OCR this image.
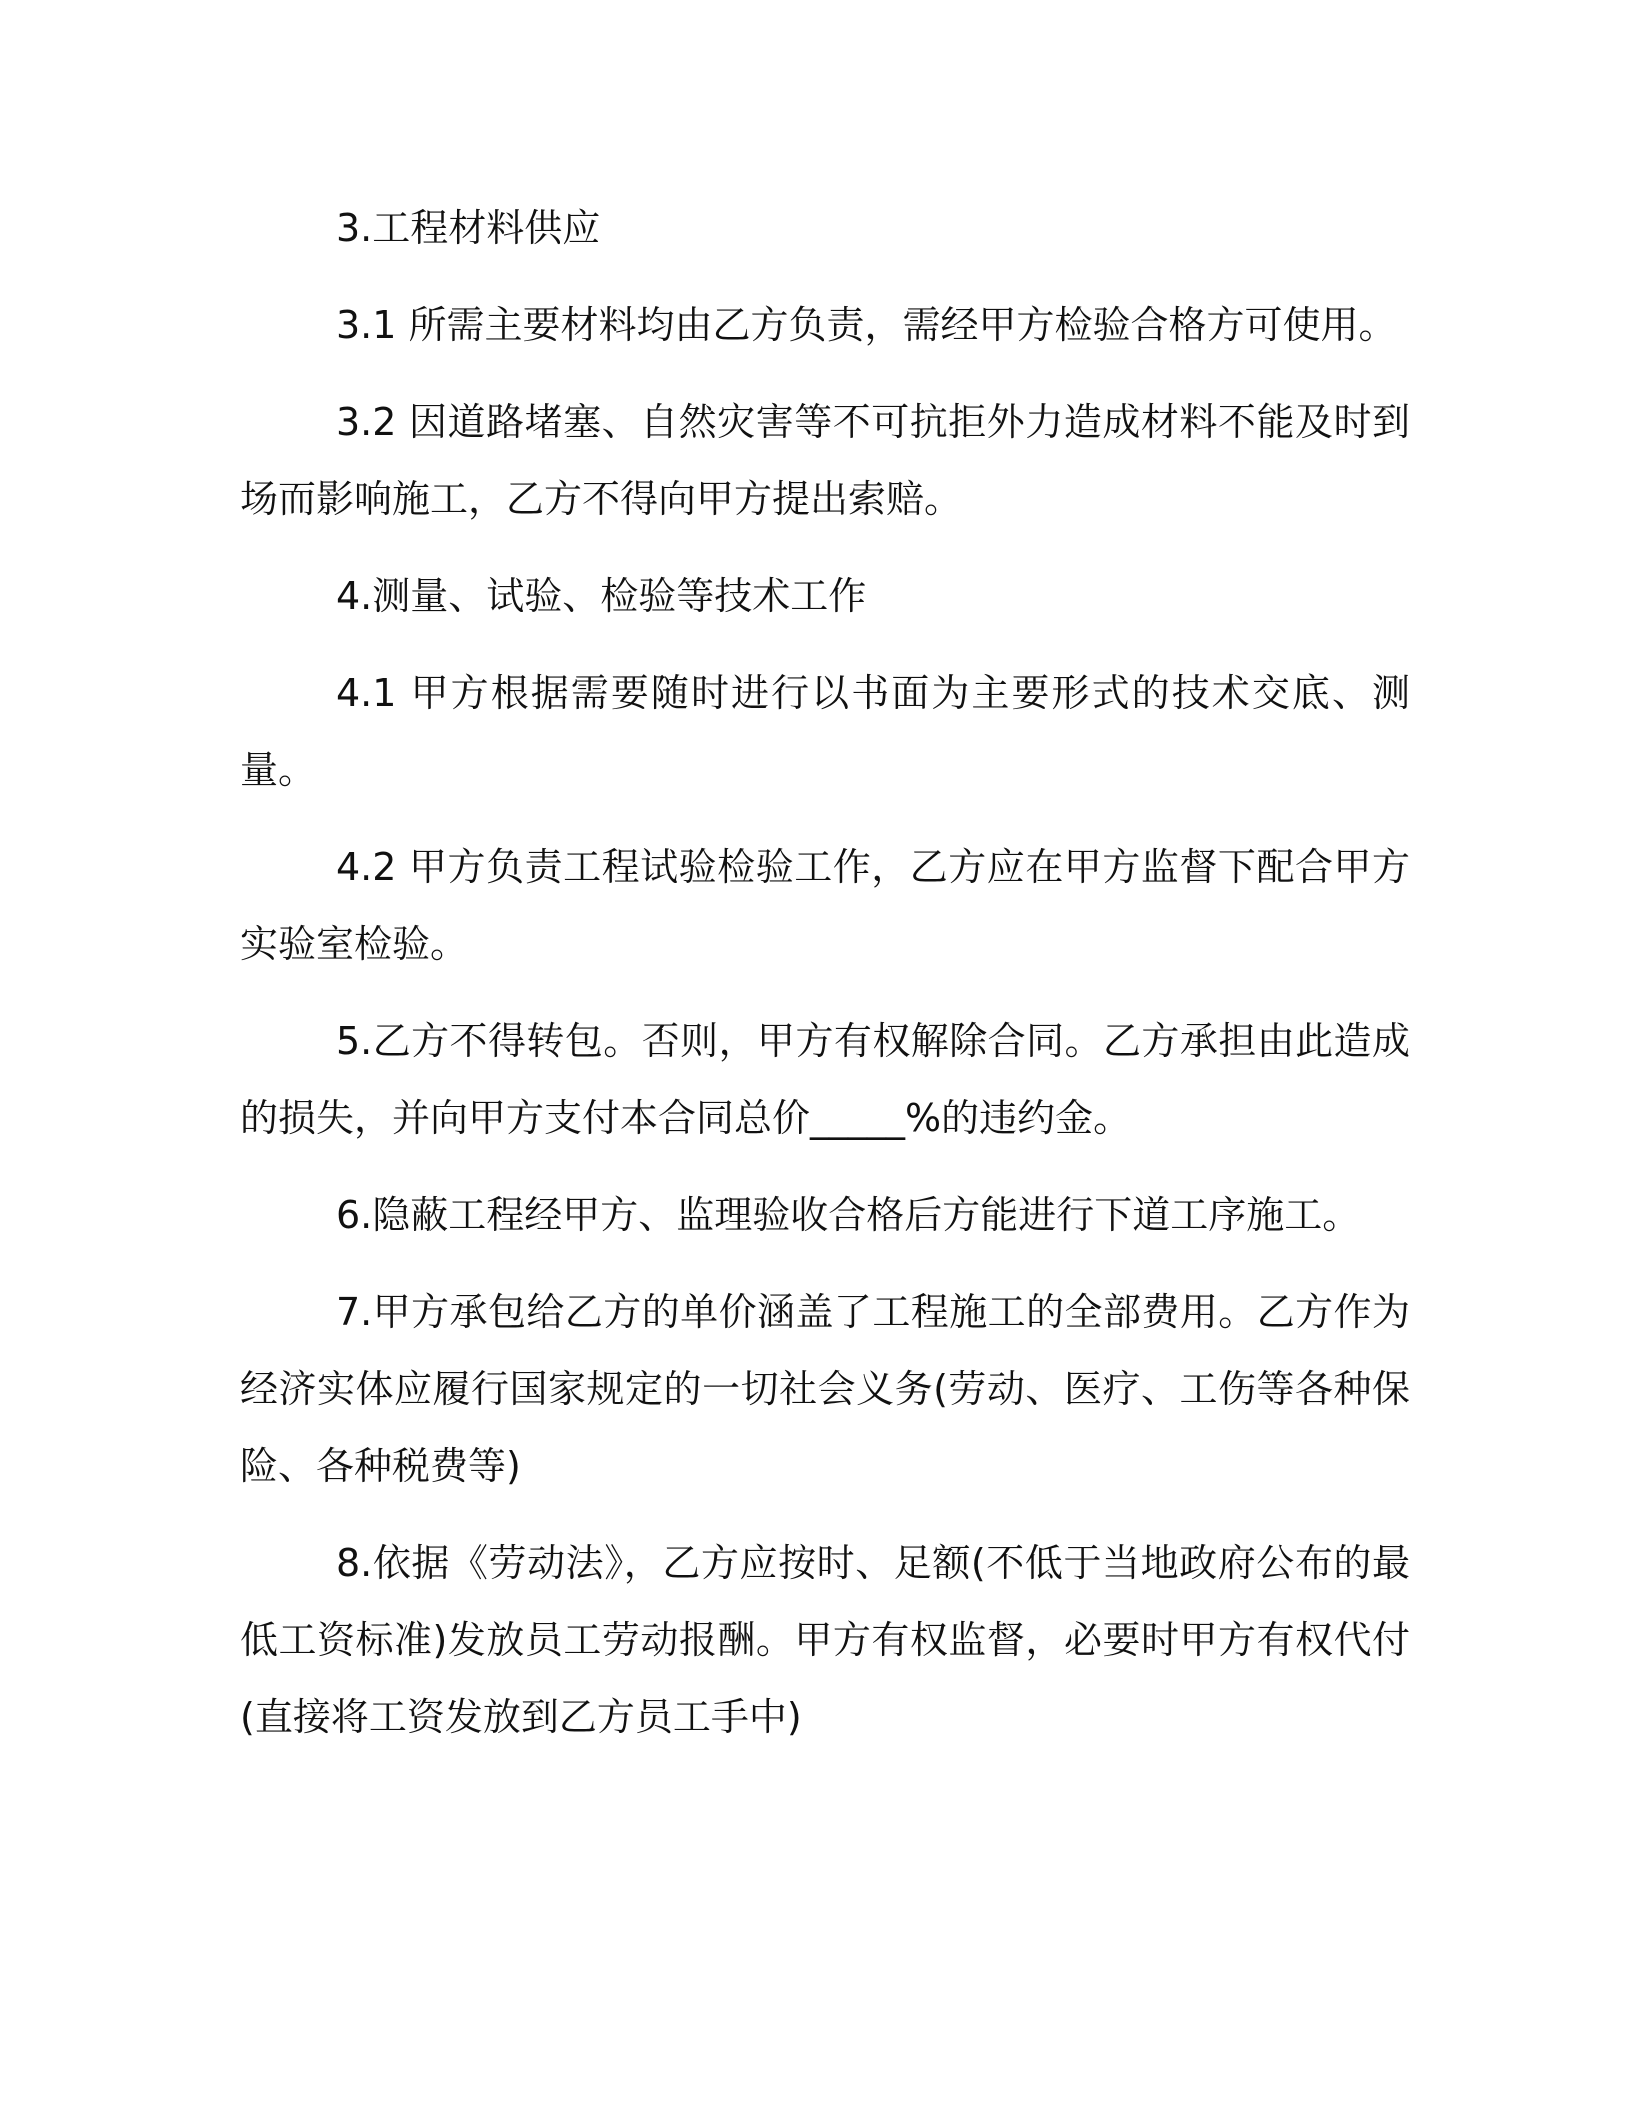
3.工程材料供应

3.1 所需主要材料均由乙方负责，需经甲方检验合格方可使用。

3.2 因道路堵塞、自然灾害等不可抗拒外力造成材料不能及时到场而影响施工，乙方不得向甲方提出索赔。

4.测量、试验、检验等技术工作

4.1 甲方根据需要随时进行以书面为主要形式的技术交底、测量。

4.2 甲方负责工程试验检验工作，乙方应在甲方监督下配合甲方实验室检验。

5.乙方不得转包。否则，甲方有权解除合同。乙方承担由此造成的损失，并向甲方支付本合同总价_____%的违约金。

6.隐蔽工程经甲方、监理验收合格后方能进行下道工序施工。

7.甲方承包给乙方的单价涵盖了工程施工的全部费用。乙方作为经济实体应履行国家规定的一切社会义务(劳动、医疗、工伤等各种保险、各种税费等)

8.依据《劳动法》，乙方应按时、足额(不低于当地政府公布的最低工资标准)发放员工劳动报酬。甲方有权监督，必要时甲方有权代付(直接将工资发放到乙方员工手中)
